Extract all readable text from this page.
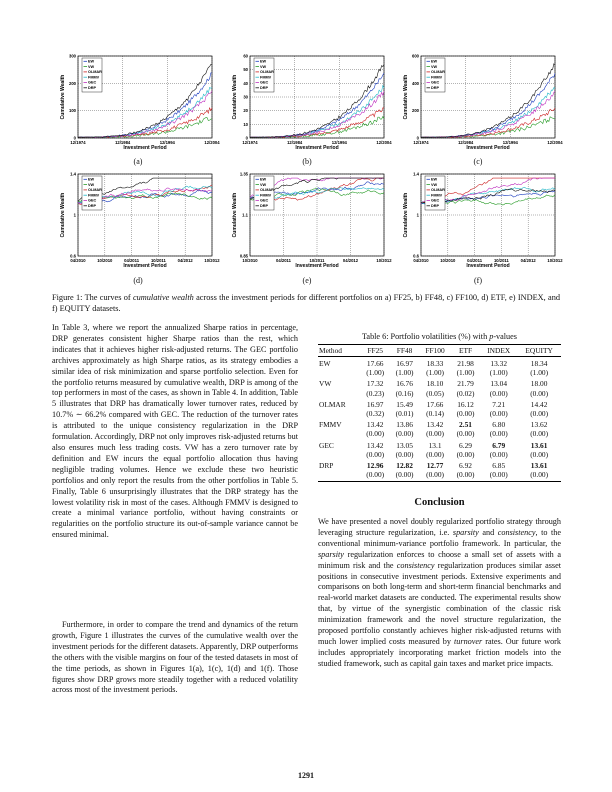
0
100
200
300
12/1974	12/1984	12/1994	12/2004
Investment Period
Cumulative Wealth
EW
VW
OLMAR
FMMV
GEC
DRP
(a)
0
10
20
30
40
50
60
12/1974	12/1984	12/1994	12/2004
Investment Period
Cumulative Wealth
EW
VW
OLMAR
FMMV
GEC
DRP
(b)
0
200
400
600
12/1974	12/1984	12/1994	12/2004
Investment Period
Cumulative Wealth
EW
VW
OLMAR
FMMV
GEC
DRP
(c)
0.6
1
1.4
04/2010	10/2010	04/2011	10/2011	04/2012	10/2012
Investment Period
Cumulative Wealth
EW
VW
OLMAR
FMMV
GEC
DRP
(d)
0.85
1.1
1.35
10/2010	04/2011	10/2011	04/2012	10/2012
Investment Period
Cumulative Wealth
EW
VW
OLMAR
FMMV
GEC
DRP
(e)
0.6
1
1.4
04/2010	10/2010	04/2011	10/2011	04/2012	10/2012
Investment Period
Cumulative Wealth
EW
VW
OLMAR
FMMV
GEC
DRP
(f)
Figure 1: The curves of cumulative wealth across the investment periods for different portfolios on a) FF25, b) FF48, c) FF100, d) ETF, e) INDEX, and f) EQUITY datasets.

In Table 3, where we report the annualized Sharpe ratios in percentage, DRP generates consistent higher Sharpe ratios than the rest, which indicates that it achieves higher risk-adjusted returns. The GEC portfolio archives approximately as high Sharpe ratios, as its strategy embodies a similar idea of risk minimization and sparse portfolio selection. Even for the portfolio returns measured by cumulative wealth, DRP is among of the top performers in most of the cases, as shown in Table 4. In addition, Table 5 illustrates that DRP has dramatically lower turnover rates, reduced by 10.7% ∼ 66.2% compared with GEC. The reduction of the turnover rates is attributed to the unique consistency regularization in the DRP formulation. Accordingly, DRP not only improves risk-adjusted returns but also ensures much less trading costs. VW has a zero turnover rate by definition and EW incurs the equal portfolio allocation thus having negligible trading volumes. Hence we exclude these two heuristic portfolios and only report the results from the other portfolios in Table 5. Finally, Table 6 unsurprisingly illustrates that the DRP strategy has the lowest volatility risk in most of the cases. Although FMMV is designed to create a minimal variance portfolio, without having constraints or regularities on the portfolio structure its out-of-sample variance cannot be ensured minimal.

Furthermore, in order to compare the trend and dynamics of the return growth, Figure 1 illustrates the curves of the cumulative wealth over the investment periods for the different datasets. Apparently, DRP outperforms the others with the visible margins on four of the tested datasets in most of the time periods, as shown in Figures 1(a), 1(c), 1(d) and 1(f). Those figures show DRP grows more steadily together with a reduced volatility across most of the investment periods.

Table 6: Portfolio volatilities (%) with p-values
Method	FF25	FF48	FF100	ETF	INDEX	EQUITY
EW	17.66	16.97	18.33	21.98	13.32	18.34
	(1.00)	(1.00)	(1.00)	(1.00)	(1.00)	(1.00)
VW	17.32	16.76	18.10	21.79	13.04	18.00
	(0.23)	(0.16)	(0.05)	(0.02)	(0.00)	(0.00)
OLMAR	16.97	15.49	17.66	16.12	7.21	14.42
	(0.32)	(0.01)	(0.14)	(0.00)	(0.00)	(0.00)
FMMV	13.42	13.86	13.42	2.51	6.80	13.62
	(0.00)	(0.00)	(0.00)	(0.00)	(0.00)	(0.00)
GEC	13.42	13.05	13.1	6.29	6.79	13.61
	(0.00)	(0.00)	(0.00)	(0.00)	(0.00)	(0.00)
DRP	12.96	12.82	12.77	6.92	6.85	13.61
	(0.00)	(0.00)	(0.00)	(0.00)	(0.00)	(0.00)
Conclusion
We have presented a novel doubly regularized portfolio strategy through leveraging structure regularization, i.e. sparsity and consistency, to the conventional minimum-variance portfolio framework. In particular, the sparsity regularization enforces to choose a small set of assets with a minimum risk and the consistency regularization produces similar asset positions in consecutive investment periods. Extensive experiments and comparisons on both long-term and short-term financial benchmarks and real-world market datasets are conducted. The experimental results show that, by virtue of the synergistic combination of the classic risk minimization framework and the novel structure regularization, the proposed portfolio constantly achieves higher risk-adjusted returns with much lower implied costs measured by turnover rates. Our future work includes appropriately incorporating market friction models into the studied framework, such as capital gain taxes and market price impacts.
1291
